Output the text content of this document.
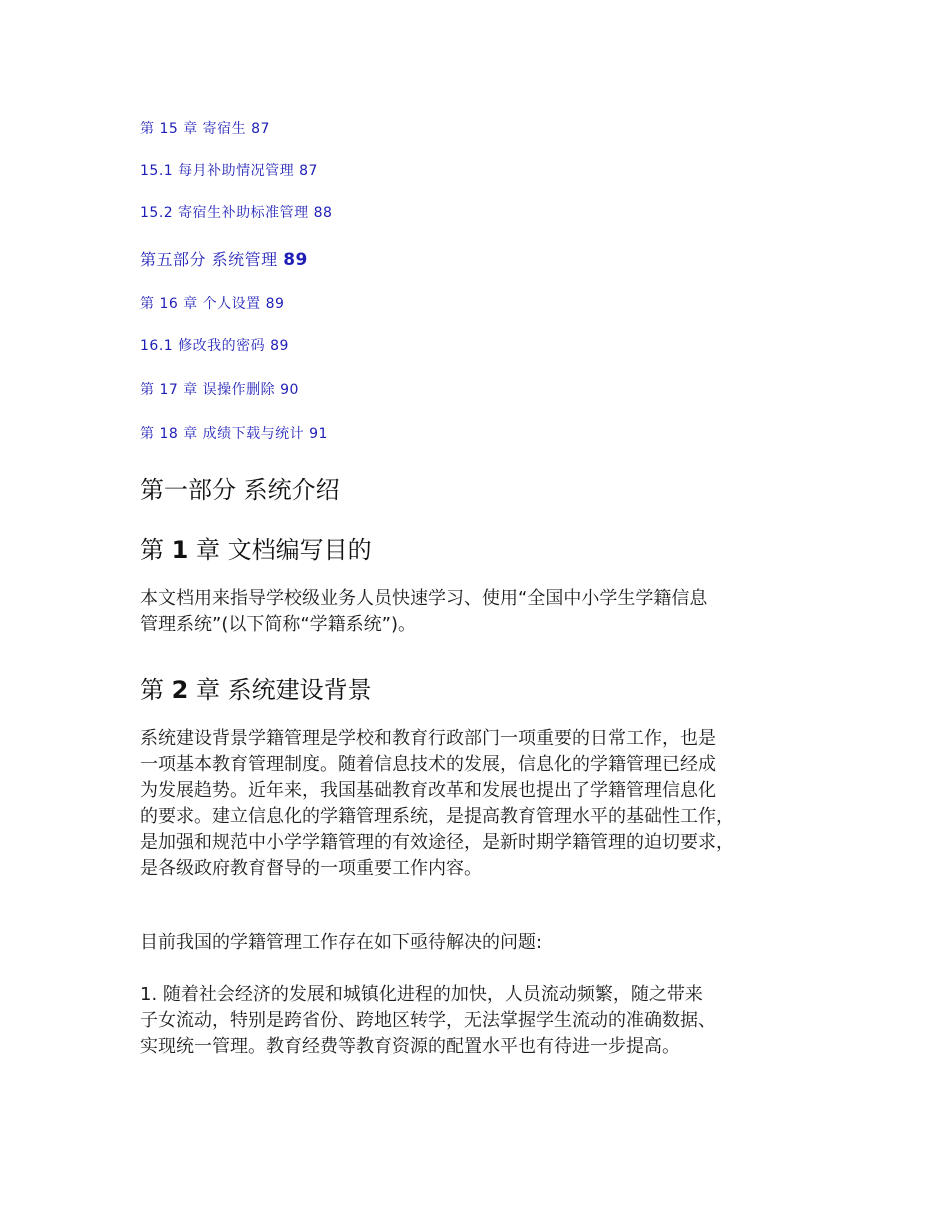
第 15 章 寄宿生 87
15.1 每月补助情况管理 87
15.2 寄宿生补助标准管理 88
第五部分 系统管理 89
第 16 章 个人设置 89
16.1 修改我的密码 89
第 17 章 误操作删除 90
第 18 章 成绩下载与统计 91
第一部分 系统介绍
第 1 章 文档编写目的

本文档用来指导学校级业务人员快速学习、使用“全国中小学生学籍信息
管理系统”(以下简称“学籍系统”)。

第 2 章 系统建设背景

系统建设背景学籍管理是学校和教育行政部门一项重要的日常工作，也是
一项基本教育管理制度。随着信息技术的发展，信息化的学籍管理已经成
为发展趋势。近年来，我国基础教育改革和发展也提出了学籍管理信息化
的要求。建立信息化的学籍管理系统，是提高教育管理水平的基础性工作，
是加强和规范中小学学籍管理的有效途径，是新时期学籍管理的迫切要求，
是各级政府教育督导的一项重要工作内容。

目前我国的学籍管理工作存在如下亟待解决的问题:

1. 随着社会经济的发展和城镇化进程的加快，人员流动频繁，随之带来
子女流动，特别是跨省份、跨地区转学，无法掌握学生流动的准确数据、
实现统一管理。教育经费等教育资源的配置水平也有待进一步提高。
